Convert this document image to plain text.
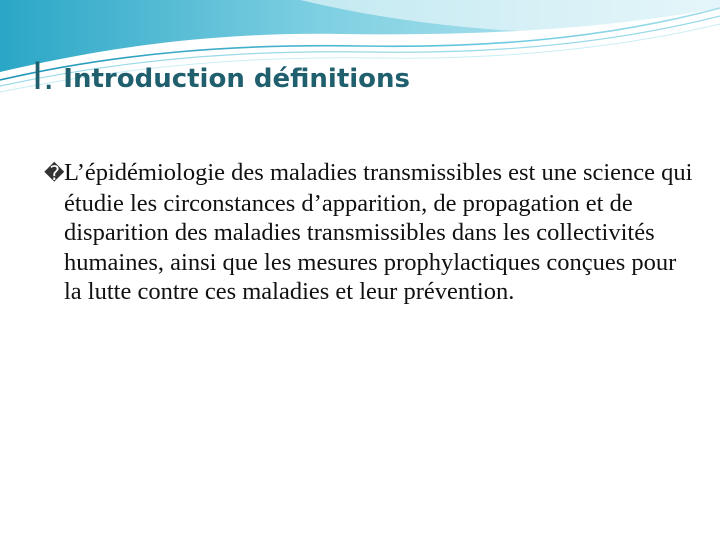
I. Introduction définitions

�L’épidémiologie des maladies transmissibles est une science qui étudie les circonstances d’apparition, de propagation et de disparition des maladies transmissibles dans les collectivités humaines, ainsi que les mesures prophylactiques conçues pour la lutte contre ces maladies et leur prévention.
